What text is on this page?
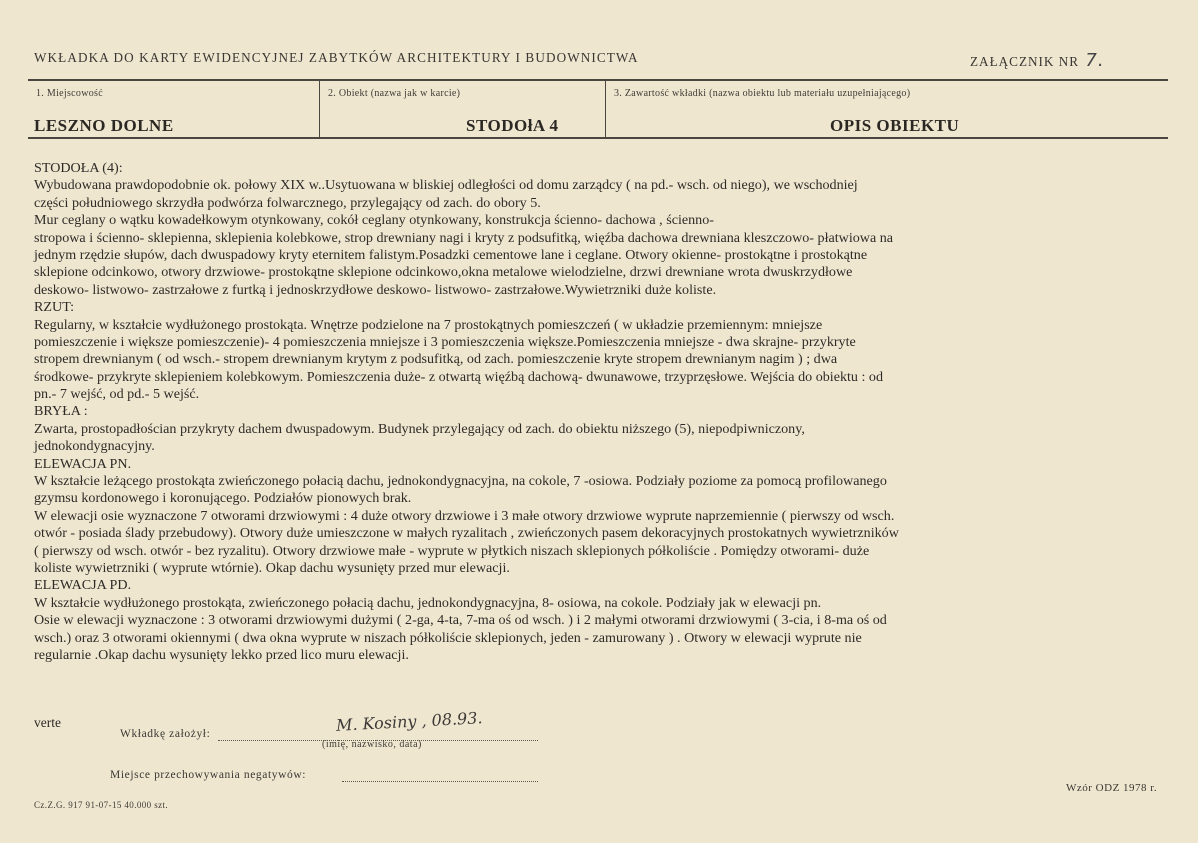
WKŁADKA DO KARTY EWIDENCYJNEJ ZABYTKÓW ARCHITEKTURY I BUDOWNICTWA	ZAŁĄCZNIK NR 7.
1. Miejscowość
LESZNO DOLNE
2. Obiekt (nazwa jak w karcie)
STODOłA 4
3. Zawartość wkładki (nazwa obiektu lub materiału uzupełniającego)
OPIS OBIEKTU
STODOŁA (4):
Wybudowana prawdopodobnie ok. połowy XIX w..Usytuowana w bliskiej odległości od domu zarządcy ( na pd.- wsch. od niego), we wschodniej
części południowego skrzydła podwórza folwarcznego, przylegający od zach. do obory 5.
Mur ceglany o wątku kowadełkowym otynkowany, cokół ceglany otynkowany, konstrukcja ścienno- dachowa , ścienno-
stropowa i ścienno- sklepienna, sklepienia kolebkowe, strop drewniany nagi i kryty z podsufitką, więźba dachowa drewniana kleszczowo- płatwiowa na
jednym rzędzie słupów, dach dwuspadowy kryty eternitem falistym.Posadzki cementowe lane i ceglane. Otwory okienne- prostokątne i prostokątne
sklepione odcinkowo, otwory drzwiowe- prostokątne sklepione odcinkowo,okna metalowe wielodzielne, drzwi drewniane wrota dwuskrzydłowe
deskowo- listwowo- zastrzałowe z furtką i jednoskrzydłowe deskowo- listwowo- zastrzałowe.Wywietrzniki duże koliste.
RZUT:
Regularny, w kształcie wydłużonego prostokąta. Wnętrze podzielone na 7 prostokątnych pomieszczeń ( w układzie przemiennym: mniejsze
pomieszczenie i większe pomieszczenie)- 4 pomieszczenia mniejsze i 3 pomieszczenia większe.Pomieszczenia mniejsze - dwa skrajne- przykryte
stropem drewnianym ( od wsch.- stropem drewnianym krytym z podsufitką, od zach. pomieszczenie kryte stropem drewnianym nagim ) ; dwa
środkowe- przykryte sklepieniem kolebkowym. Pomieszczenia duże- z otwartą więźbą dachową- dwunawowe, trzyprzęsłowe. Wejścia do obiektu : od
pn.- 7 wejść, od pd.- 5 wejść.
BRYŁA :
Zwarta, prostopadłościan przykryty dachem dwuspadowym. Budynek przylegający od zach. do obiektu niższego (5), niepodpiwniczony,
jednokondygnacyjny.
ELEWACJA PN.
W kształcie leżącego prostokąta zwieńczonego połacią dachu, jednokondygnacyjna, na cokole, 7 -osiowa. Podziały poziome za pomocą profilowanego
gzymsu kordonowego i koronującego. Podziałów pionowych brak.
W elewacji osie wyznaczone 7 otworami drzwiowymi : 4 duże otwory drzwiowe i 3 małe otwory drzwiowe wyprute naprzemiennie ( pierwszy od wsch.
otwór - posiada ślady przebudowy). Otwory duże umieszczone w małych ryzalitach , zwieńczonych pasem dekoracyjnych prostokatnych wywietrzników
( pierwszy od wsch. otwór - bez ryzalitu). Otwory drzwiowe małe - wyprute w płytkich niszach sklepionych półkoliście . Pomiędzy otworami- duże
koliste wywietrzniki ( wyprute wtórnie). Okap dachu wysunięty przed mur elewacji.
ELEWACJA PD.
W kształcie wydłużonego prostokąta, zwieńczonego połacią dachu, jednokondygnacyjna, 8- osiowa, na cokole. Podziały jak w elewacji pn.
Osie w elewacji wyznaczone : 3 otworami drzwiowymi dużymi ( 2-ga, 4-ta, 7-ma oś od wsch. ) i 2 małymi otworami drzwiowymi ( 3-cia, i 8-ma oś od
wsch.) oraz 3 otworami okiennymi ( dwa okna wyprute w niszach półkoliście sklepionych, jeden - zamurowany ) . Otwory w elewacji wyprute nie
regularnie .Okap dachu wysunięty lekko przed lico muru elewacji.
verte
Wkładkę założył:	M. Kosiny , 08.93.
(imię, nazwisko, data)
Miejsce przechowywania negatywów:
Cz.Z.G. 917 91-07-15 40.000 szt.
Wzór ODZ 1978 r.
